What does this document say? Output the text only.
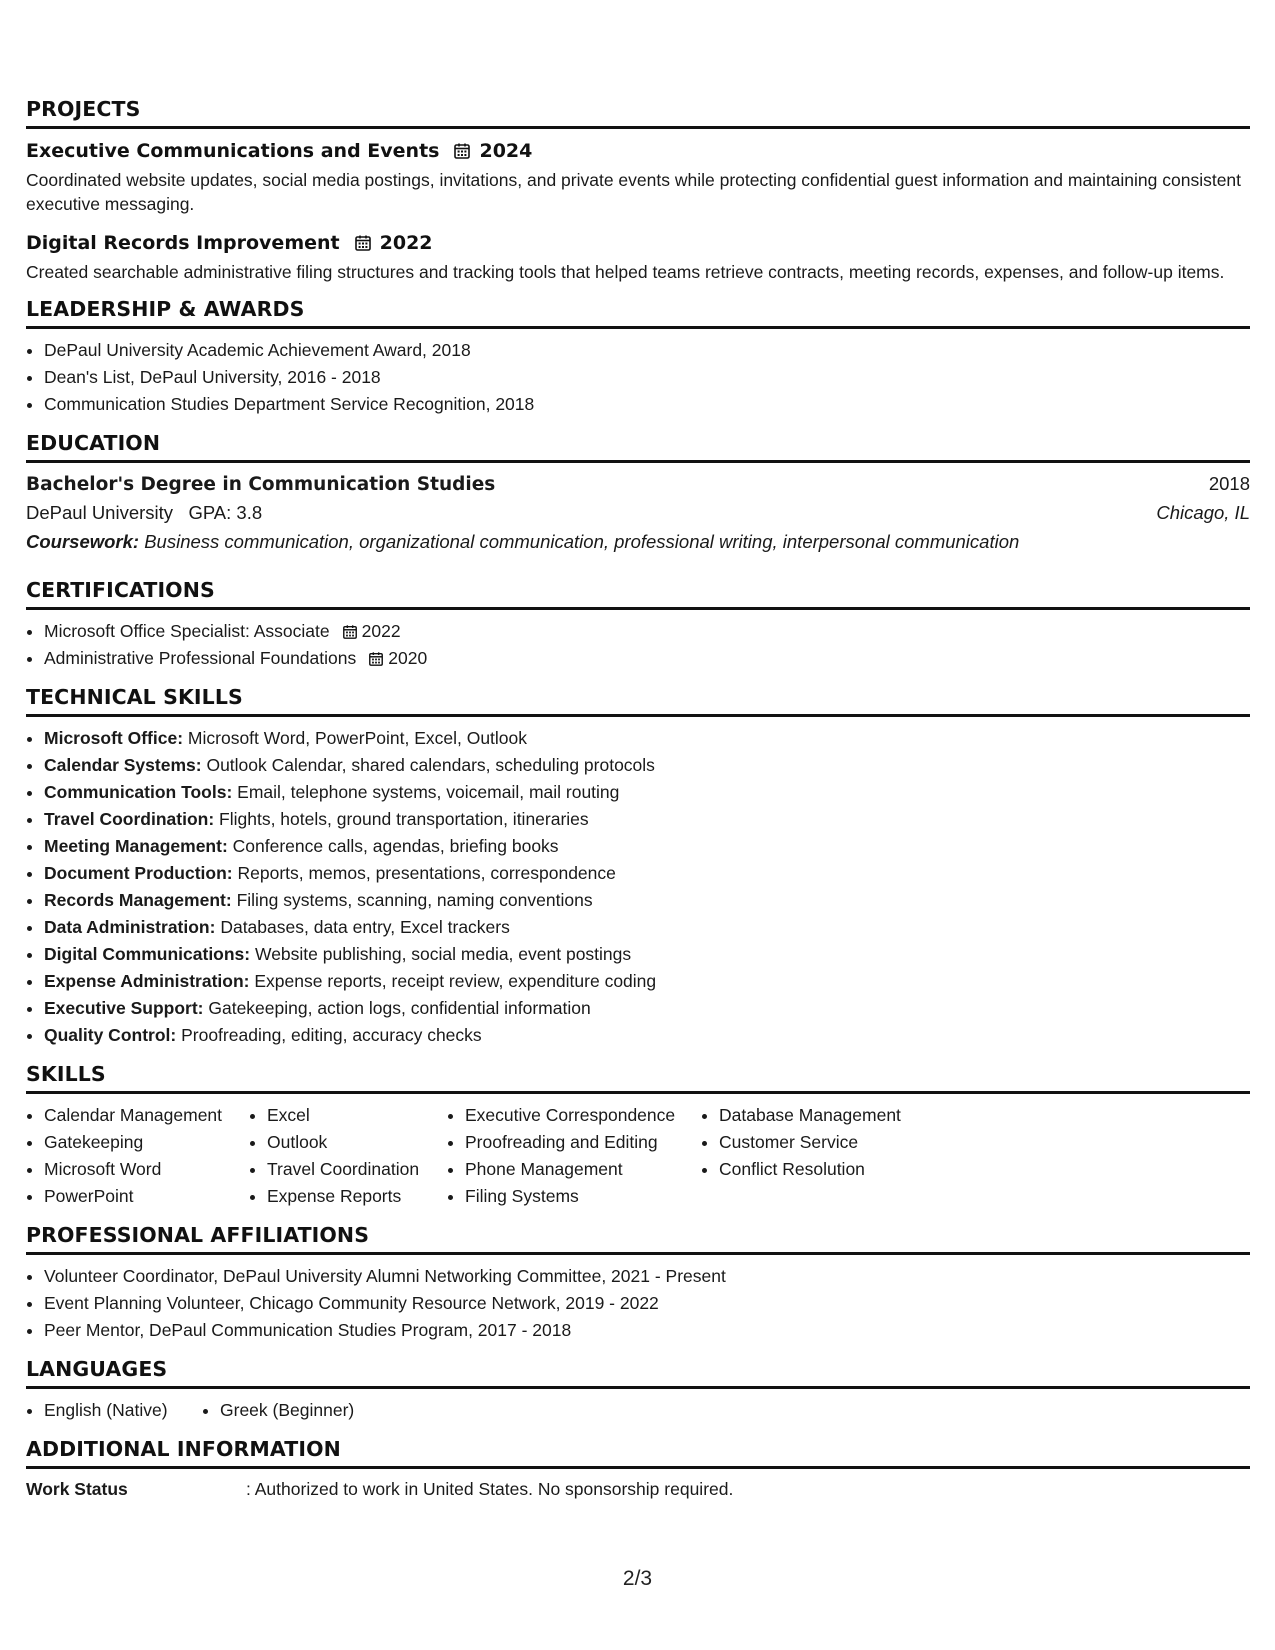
PROJECTS
Executive Communications and Events 2024

Coordinated website updates, social media postings, invitations, and private events while protecting confidential guest information and maintaining consistent executive messaging.

Digital Records Improvement 2022

Created searchable administrative filing structures and tracking tools that helped teams retrieve contracts, meeting records, expenses, and follow-up items.

LEADERSHIP & AWARDS
• DePaul University Academic Achievement Award, 2018
• Dean's List, DePaul University, 2016 - 2018
• Communication Studies Department Service Recognition, 2018
EDUCATION
Bachelor's Degree in Communication Studies	2018
DePaul University GPA: 3.8	Chicago, IL
Coursework: Business communication, organizational communication, professional writing, interpersonal communication
CERTIFICATIONS
• Microsoft Office Specialist: Associate 2022
• Administrative Professional Foundations 2020
TECHNICAL SKILLS
• Microsoft Office: Microsoft Word, PowerPoint, Excel, Outlook
• Calendar Systems: Outlook Calendar, shared calendars, scheduling protocols
• Communication Tools: Email, telephone systems, voicemail, mail routing
• Travel Coordination: Flights, hotels, ground transportation, itineraries
• Meeting Management: Conference calls, agendas, briefing books
• Document Production: Reports, memos, presentations, correspondence
• Records Management: Filing systems, scanning, naming conventions
• Data Administration: Databases, data entry, Excel trackers
• Digital Communications: Website publishing, social media, event postings
• Expense Administration: Expense reports, receipt review, expenditure coding
• Executive Support: Gatekeeping, action logs, confidential information
• Quality Control: Proofreading, editing, accuracy checks
SKILLS
• Calendar Management
• Gatekeeping
• Microsoft Word
• PowerPoint
• Excel
• Outlook
• Travel Coordination
• Expense Reports
• Executive Correspondence
• Proofreading and Editing
• Phone Management
• Filing Systems
• Database Management
• Customer Service
• Conflict Resolution
PROFESSIONAL AFFILIATIONS
• Volunteer Coordinator, DePaul University Alumni Networking Committee, 2021 - Present
• Event Planning Volunteer, Chicago Community Resource Network, 2019 - 2022
• Peer Mentor, DePaul Communication Studies Program, 2017 - 2018
LANGUAGES
• English (Native)
•	Greek (Beginner)
ADDITIONAL INFORMATION
Work Status	: Authorized to work in United States. No sponsorship required.
2/3
